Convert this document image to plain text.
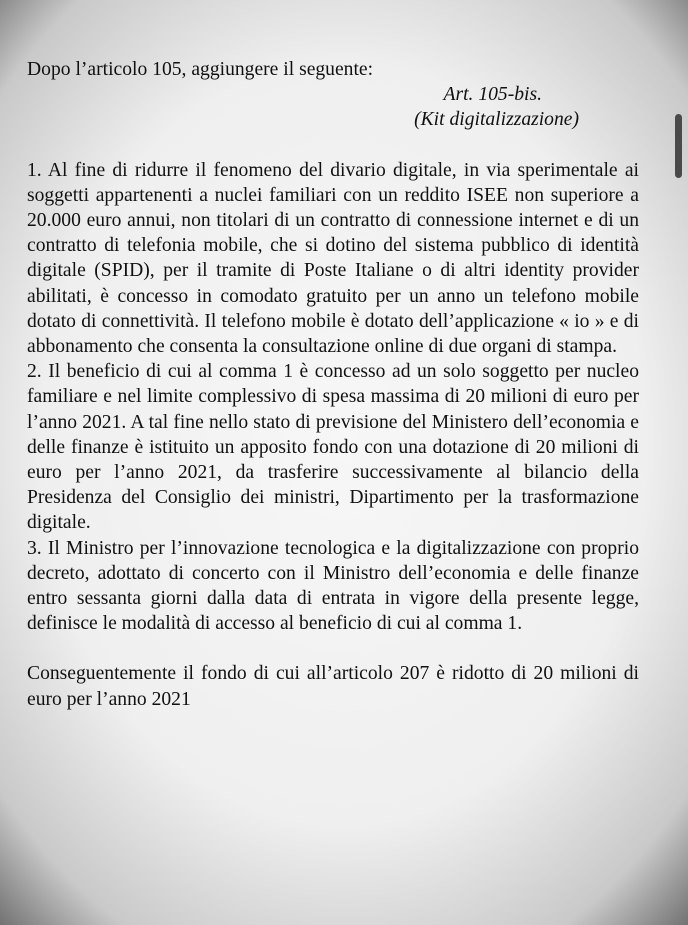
Dopo l’articolo 105, aggiungere il seguente:

Art. 105-bis.

(Kit digitalizzazione)

1. Al fine di ridurre il fenomeno del divario digitale, in via sperimentale ai soggetti appartenenti a nuclei familiari con un reddito ISEE non superiore a 20.000 euro annui, non titolari di un contratto di connessione internet e di un contratto di telefonia mobile, che si dotino del sistema pubblico di identità digitale (SPID), per il tramite di Poste Italiane o di altri identity provider abilitati, è concesso in comodato gratuito per un anno un telefono mobile dotato di connettività. Il telefono mobile è dotato dell’applicazione « io » e di abbonamento che consenta la consultazione online di due organi di stampa.

2. Il beneficio di cui al comma 1 è concesso ad un solo soggetto per nucleo familiare e nel limite complessivo di spesa massima di 20 milioni di euro per l’anno 2021. A tal fine nello stato di previsione del Ministero dell’economia e delle finanze è istituito un apposito fondo con una dotazione di 20 milioni di euro per l’anno 2021, da trasferire successivamente al bilancio della Presidenza del Consiglio dei ministri, Dipartimento per la trasformazione digitale.

3. Il Ministro per l’innovazione tecnologica e la digitalizzazione con proprio decreto, adottato di concerto con il Ministro dell’economia e delle finanze entro sessanta giorni dalla data di entrata in vigore della presente legge, definisce le modalità di accesso al beneficio di cui al comma 1.

Conseguentemente il fondo di cui all’articolo 207 è ridotto di 20 milioni di euro per l’anno 2021
